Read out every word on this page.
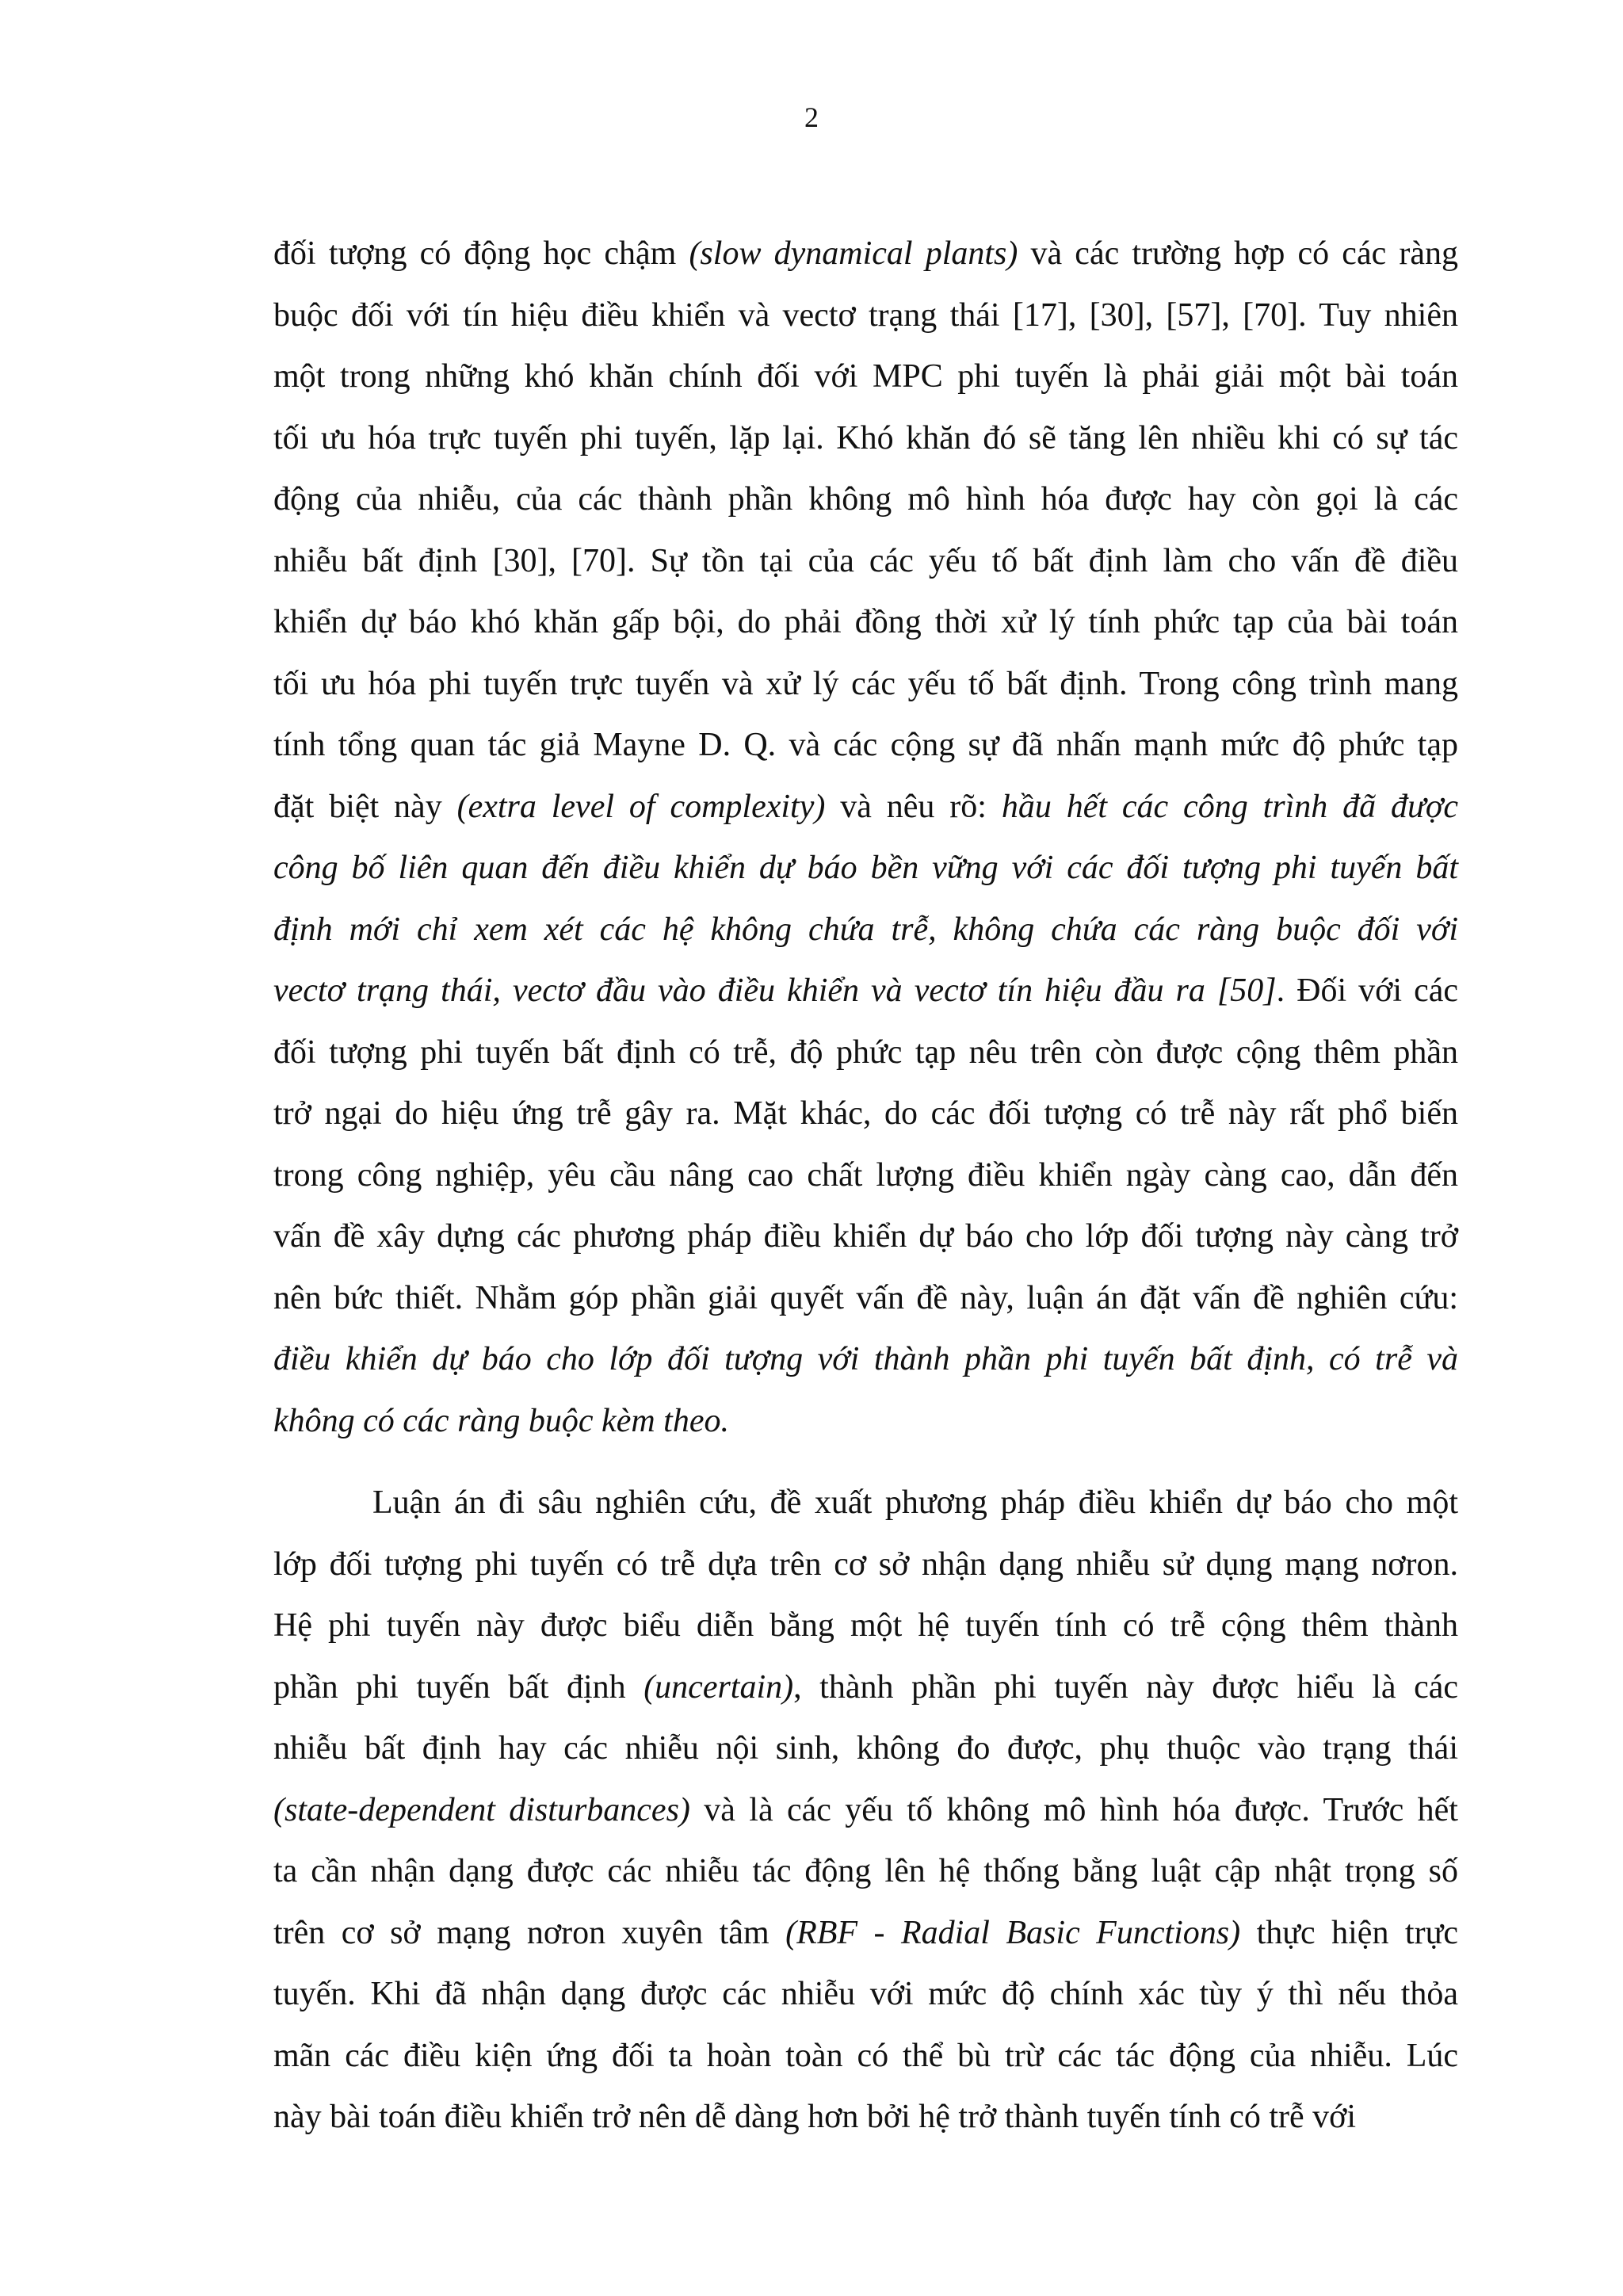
2
đối tượng có động học chậm (slow dynamical plants) và các trường hợp có các ràng
buộc đối với tín hiệu điều khiển và vectơ trạng thái [17], [30], [57], [70]. Tuy nhiên
một trong những khó khăn chính đối với MPC phi tuyến là phải giải một bài toán
tối ưu hóa trực tuyến phi tuyến, lặp lại. Khó khăn đó sẽ tăng lên nhiều khi có sự tác
động của nhiễu, của các thành phần không mô hình hóa được hay còn gọi là các
nhiễu bất định [30], [70]. Sự tồn tại của các yếu tố bất định làm cho vấn đề điều
khiển dự báo khó khăn gấp bội, do phải đồng thời xử lý tính phức tạp của bài toán
tối ưu hóa phi tuyến trực tuyến và xử lý các yếu tố bất định. Trong công trình mang
tính tổng quan tác giả Mayne D. Q. và các cộng sự đã nhấn mạnh mức độ phức tạp
đặt biệt này (extra level of complexity) và nêu rõ: hầu hết các công trình đã được
công bố liên quan đến điều khiển dự báo bền vững với các đối tượng phi tuyến bất
định mới chỉ xem xét các hệ không chứa trễ, không chứa các ràng buộc đối với
vectơ trạng thái, vectơ đầu vào điều khiển và vectơ tín hiệu đầu ra [50]. Đối với các
đối tượng phi tuyến bất định có trễ, độ phức tạp nêu trên còn được cộng thêm phần
trở ngại do hiệu ứng trễ gây ra. Mặt khác, do các đối tượng có trễ này rất phổ biến
trong công nghiệp, yêu cầu nâng cao chất lượng điều khiển ngày càng cao, dẫn đến
vấn đề xây dựng các phương pháp điều khiển dự báo cho lớp đối tượng này càng trở
nên bức thiết. Nhằm góp phần giải quyết vấn đề này, luận án đặt vấn đề nghiên cứu:
điều khiển dự báo cho lớp đối tượng với thành phần phi tuyến bất định, có trễ và
không có các ràng buộc kèm theo.
Luận án đi sâu nghiên cứu, đề xuất phương pháp điều khiển dự báo cho một
lớp đối tượng phi tuyến có trễ dựa trên cơ sở nhận dạng nhiễu sử dụng mạng nơron.
Hệ phi tuyến này được biểu diễn bằng một hệ tuyến tính có trễ cộng thêm thành
phần phi tuyến bất định (uncertain), thành phần phi tuyến này được hiểu là các
nhiễu bất định hay các nhiễu nội sinh, không đo được, phụ thuộc vào trạng thái
(state-dependent disturbances) và là các yếu tố không mô hình hóa được. Trước hết
ta cần nhận dạng được các nhiễu tác động lên hệ thống bằng luật cập nhật trọng số
trên cơ sở mạng nơron xuyên tâm (RBF - Radial Basic Functions) thực hiện trực
tuyến. Khi đã nhận dạng được các nhiễu với mức độ chính xác tùy ý thì nếu thỏa
mãn các điều kiện ứng đối ta hoàn toàn có thể bù trừ các tác động của nhiễu. Lúc
này bài toán điều khiển trở nên dễ dàng hơn bởi hệ trở thành tuyến tính có trễ với
